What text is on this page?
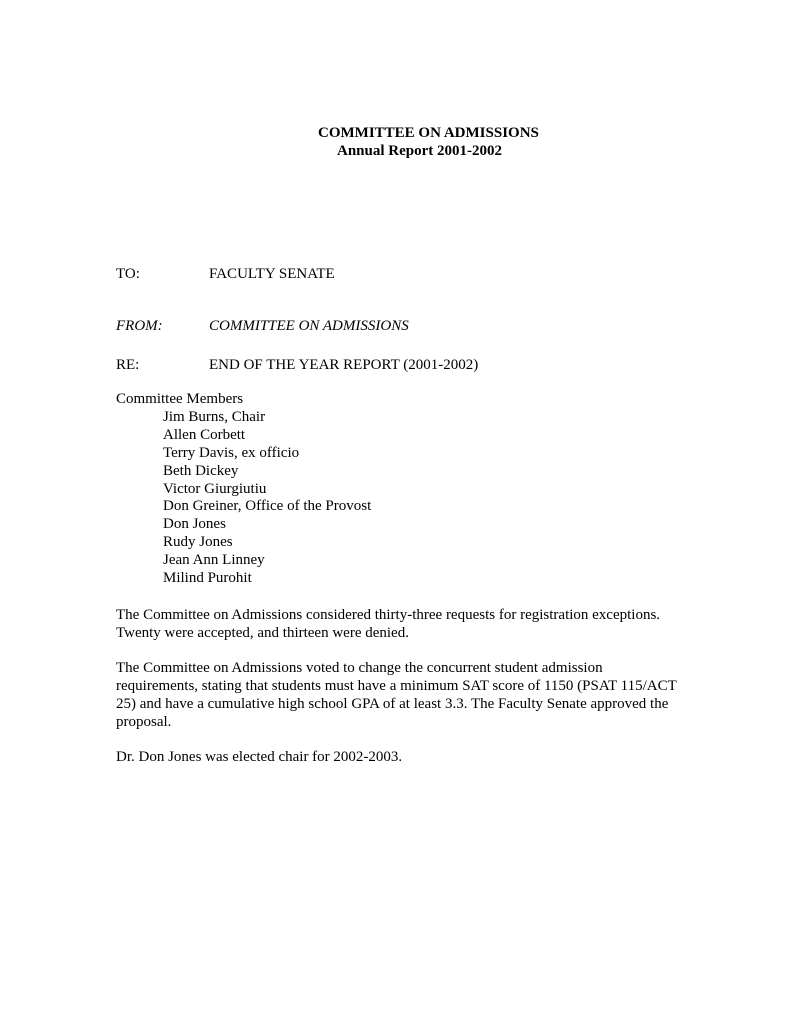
COMMITTEE ON ADMISSIONS
Annual Report 2001-2002
TO:	FACULTY SENATE
FROM:	COMMITTEE ON ADMISSIONS
RE:	END OF THE YEAR REPORT (2001-2002)
Committee Members
Jim Burns, Chair
Allen Corbett
Terry Davis, ex officio
Beth Dickey
Victor Giurgiutiu
Don Greiner, Office of the Provost
Don Jones
Rudy Jones
Jean Ann Linney
Milind Purohit

The Committee on Admissions considered thirty-three requests for registration exceptions. Twenty were accepted, and thirteen were denied.

The Committee on Admissions voted to change the concurrent student admission requirements, stating that students must have a minimum SAT score of 1150 (PSAT 115/ACT 25) and have a cumulative high school GPA of at least 3.3. The Faculty Senate approved the proposal.

Dr. Don Jones was elected chair for 2002-2003.
